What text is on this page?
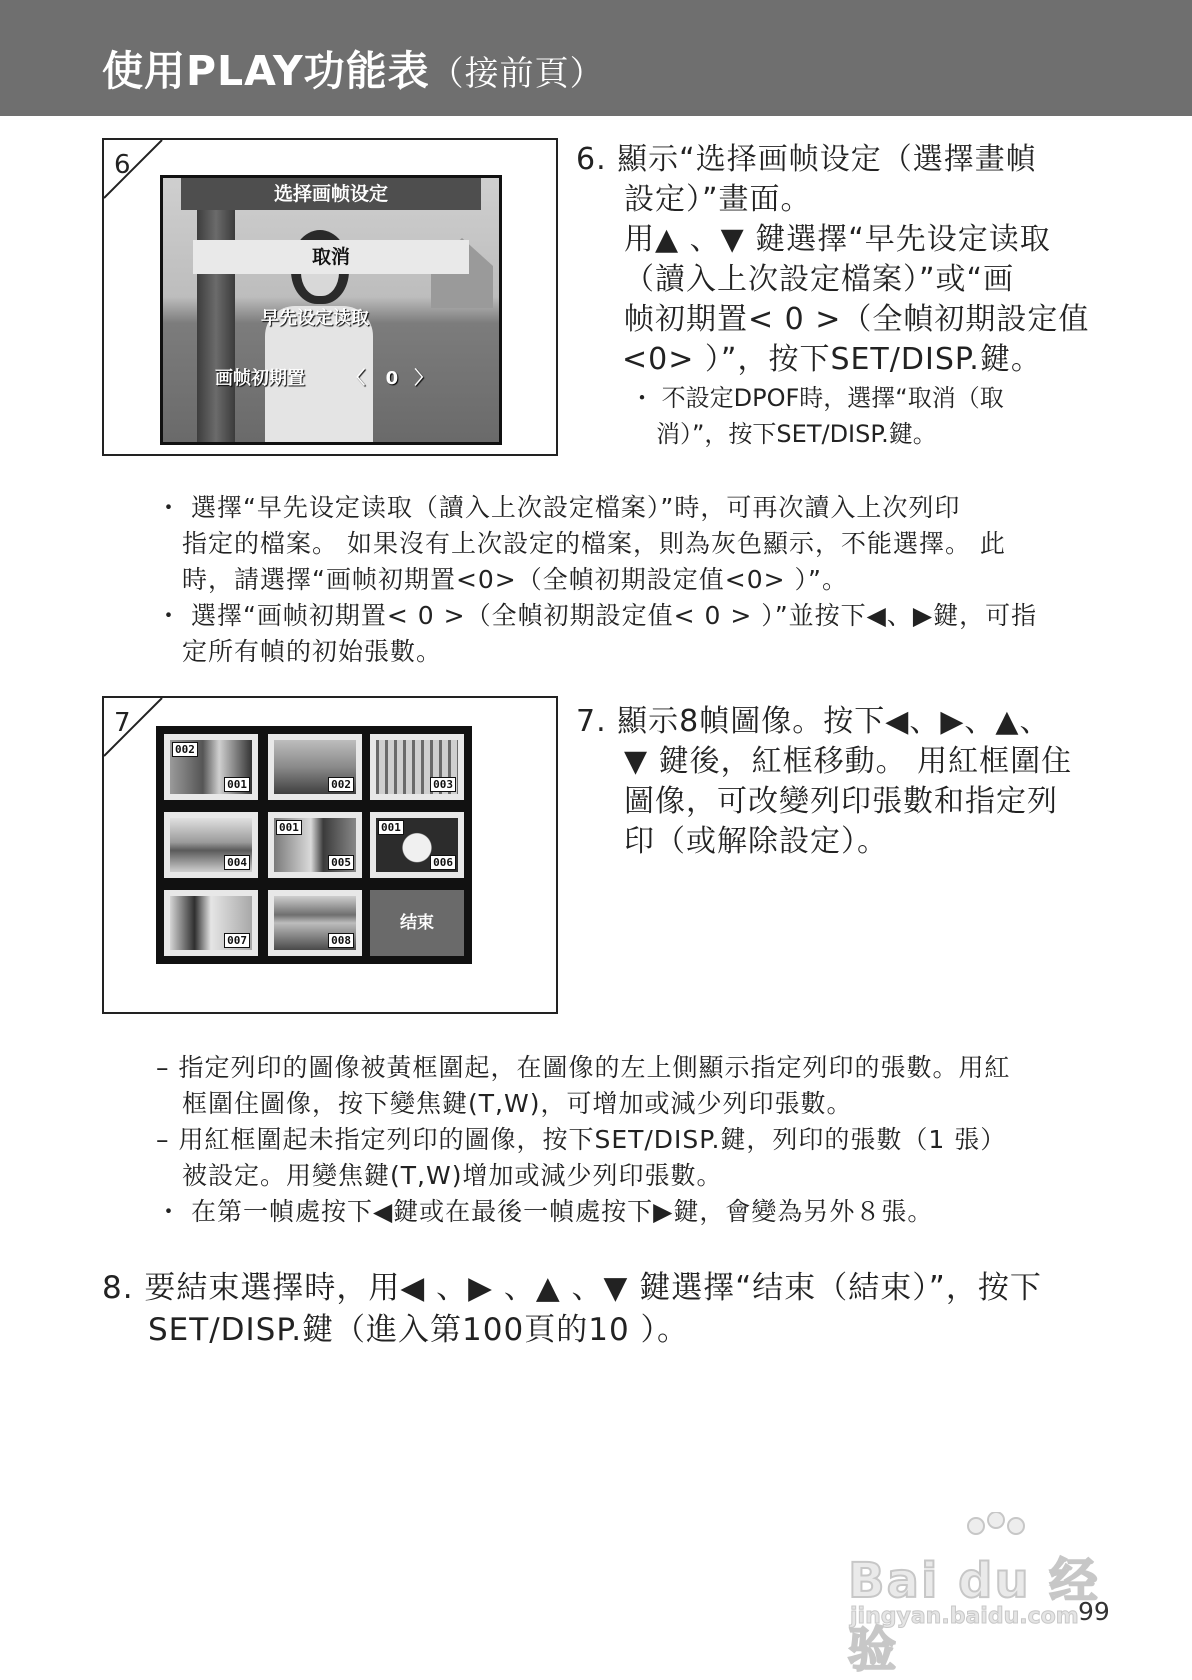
使用PLAY功能表（接前頁）
6
选择画帧设定
取消
早先设定读取
画帧初期置 〈 0 〉
6. 顯示“选择画帧设定（選擇畫幀
設定）”畫面。
用▲ 、▼ 鍵選擇“早先设定读取
（讀入上次設定檔案）”或“画
帧初期置< 0 >（全幀初期設定值
<0> ）”，按下SET/DISP.鍵。
・ 不設定DPOF時，選擇“取消（取
消）”，按下SET/DISP.鍵。
・ 選擇“早先设定读取（讀入上次設定檔案）”時，可再次讀入上次列印
指定的檔案。 如果沒有上次設定的檔案，則為灰色顯示，不能選擇。 此
時，請選擇“画帧初期置<0>（全幀初期設定值<0> ）”。
・ 選擇“画帧初期置< 0 >（全幀初期設定值< 0 > ）”並按下◀、▶鍵，可指
定所有幀的初始張數。
7
002
001	002	003
004
001
005
001
006
007	008
结束
7. 顯示8幀圖像。按下◀、▶、▲、
▼ 鍵後，紅框移動。 用紅框圍住
圖像，可改變列印張數和指定列
印（或解除設定）。
– 指定列印的圖像被黃框圍起，在圖像的左上側顯示指定列印的張數。用紅
框圍住圖像，按下變焦鍵(T,W)，可增加或減少列印張數。
– 用紅框圍起未指定列印的圖像，按下SET/DISP.鍵，列印的張數（1 張）
被設定。用變焦鍵(T,W)增加或減少列印張數。
・ 在第一幀處按下◀鍵或在最後一幀處按下▶鍵，會變為另外８張。
8. 要結束選擇時，用◀ 、▶ 、▲ 、▼ 鍵選擇“结束（結束）”，按下
SET/DISP.鍵（進入第100頁的10 ）。
Bai du 经验
jingyan.baidu.com 99
